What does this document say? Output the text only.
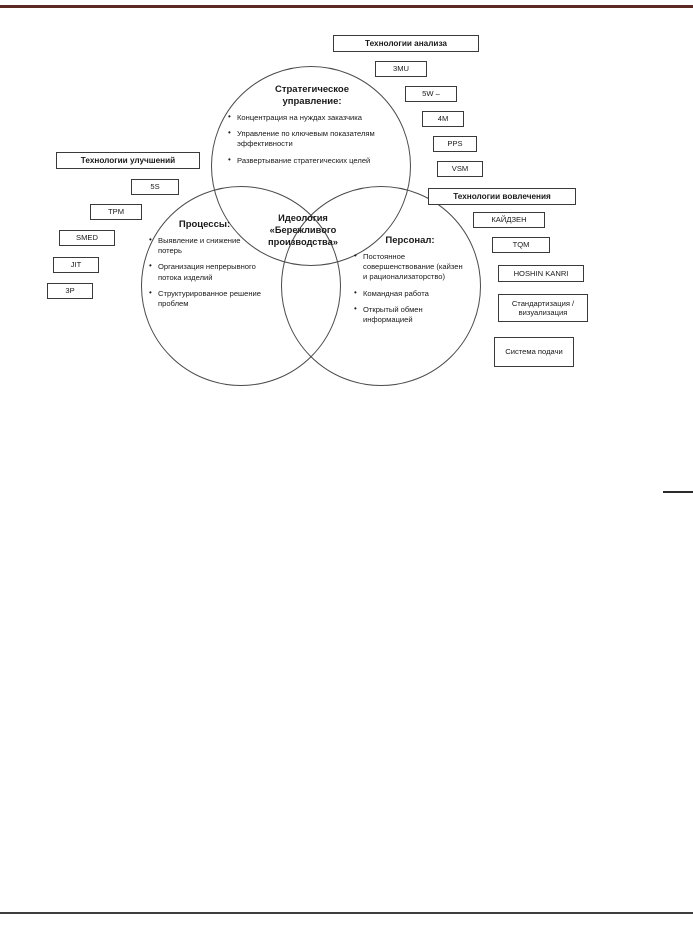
Стратегическое
управление:
• Концентрация на нуждах заказчика
• Управление по ключевым показателям эффективности
• Развертывание стратегических целей
Процессы:
• Выявление и снижение потерь
• Организация непрерывного потока изделий
• Структурированное решение проблем
Персонал:
• Постоянное совершенствование (кайзен и рационализаторство)
• Командная работа
• Открытый обмен информацией
Идеология
«Бережливого
производства»
Технологии анализа
3MU
5W –
4M
PPS
VSM
Технологии улучшений
5S
TPM
SMED
JIT
3P
Технологии вовлечения
КАЙДЗЕН
TQM
HOSHIN KANRI
Стандартизация / визуализация
Система подачи
